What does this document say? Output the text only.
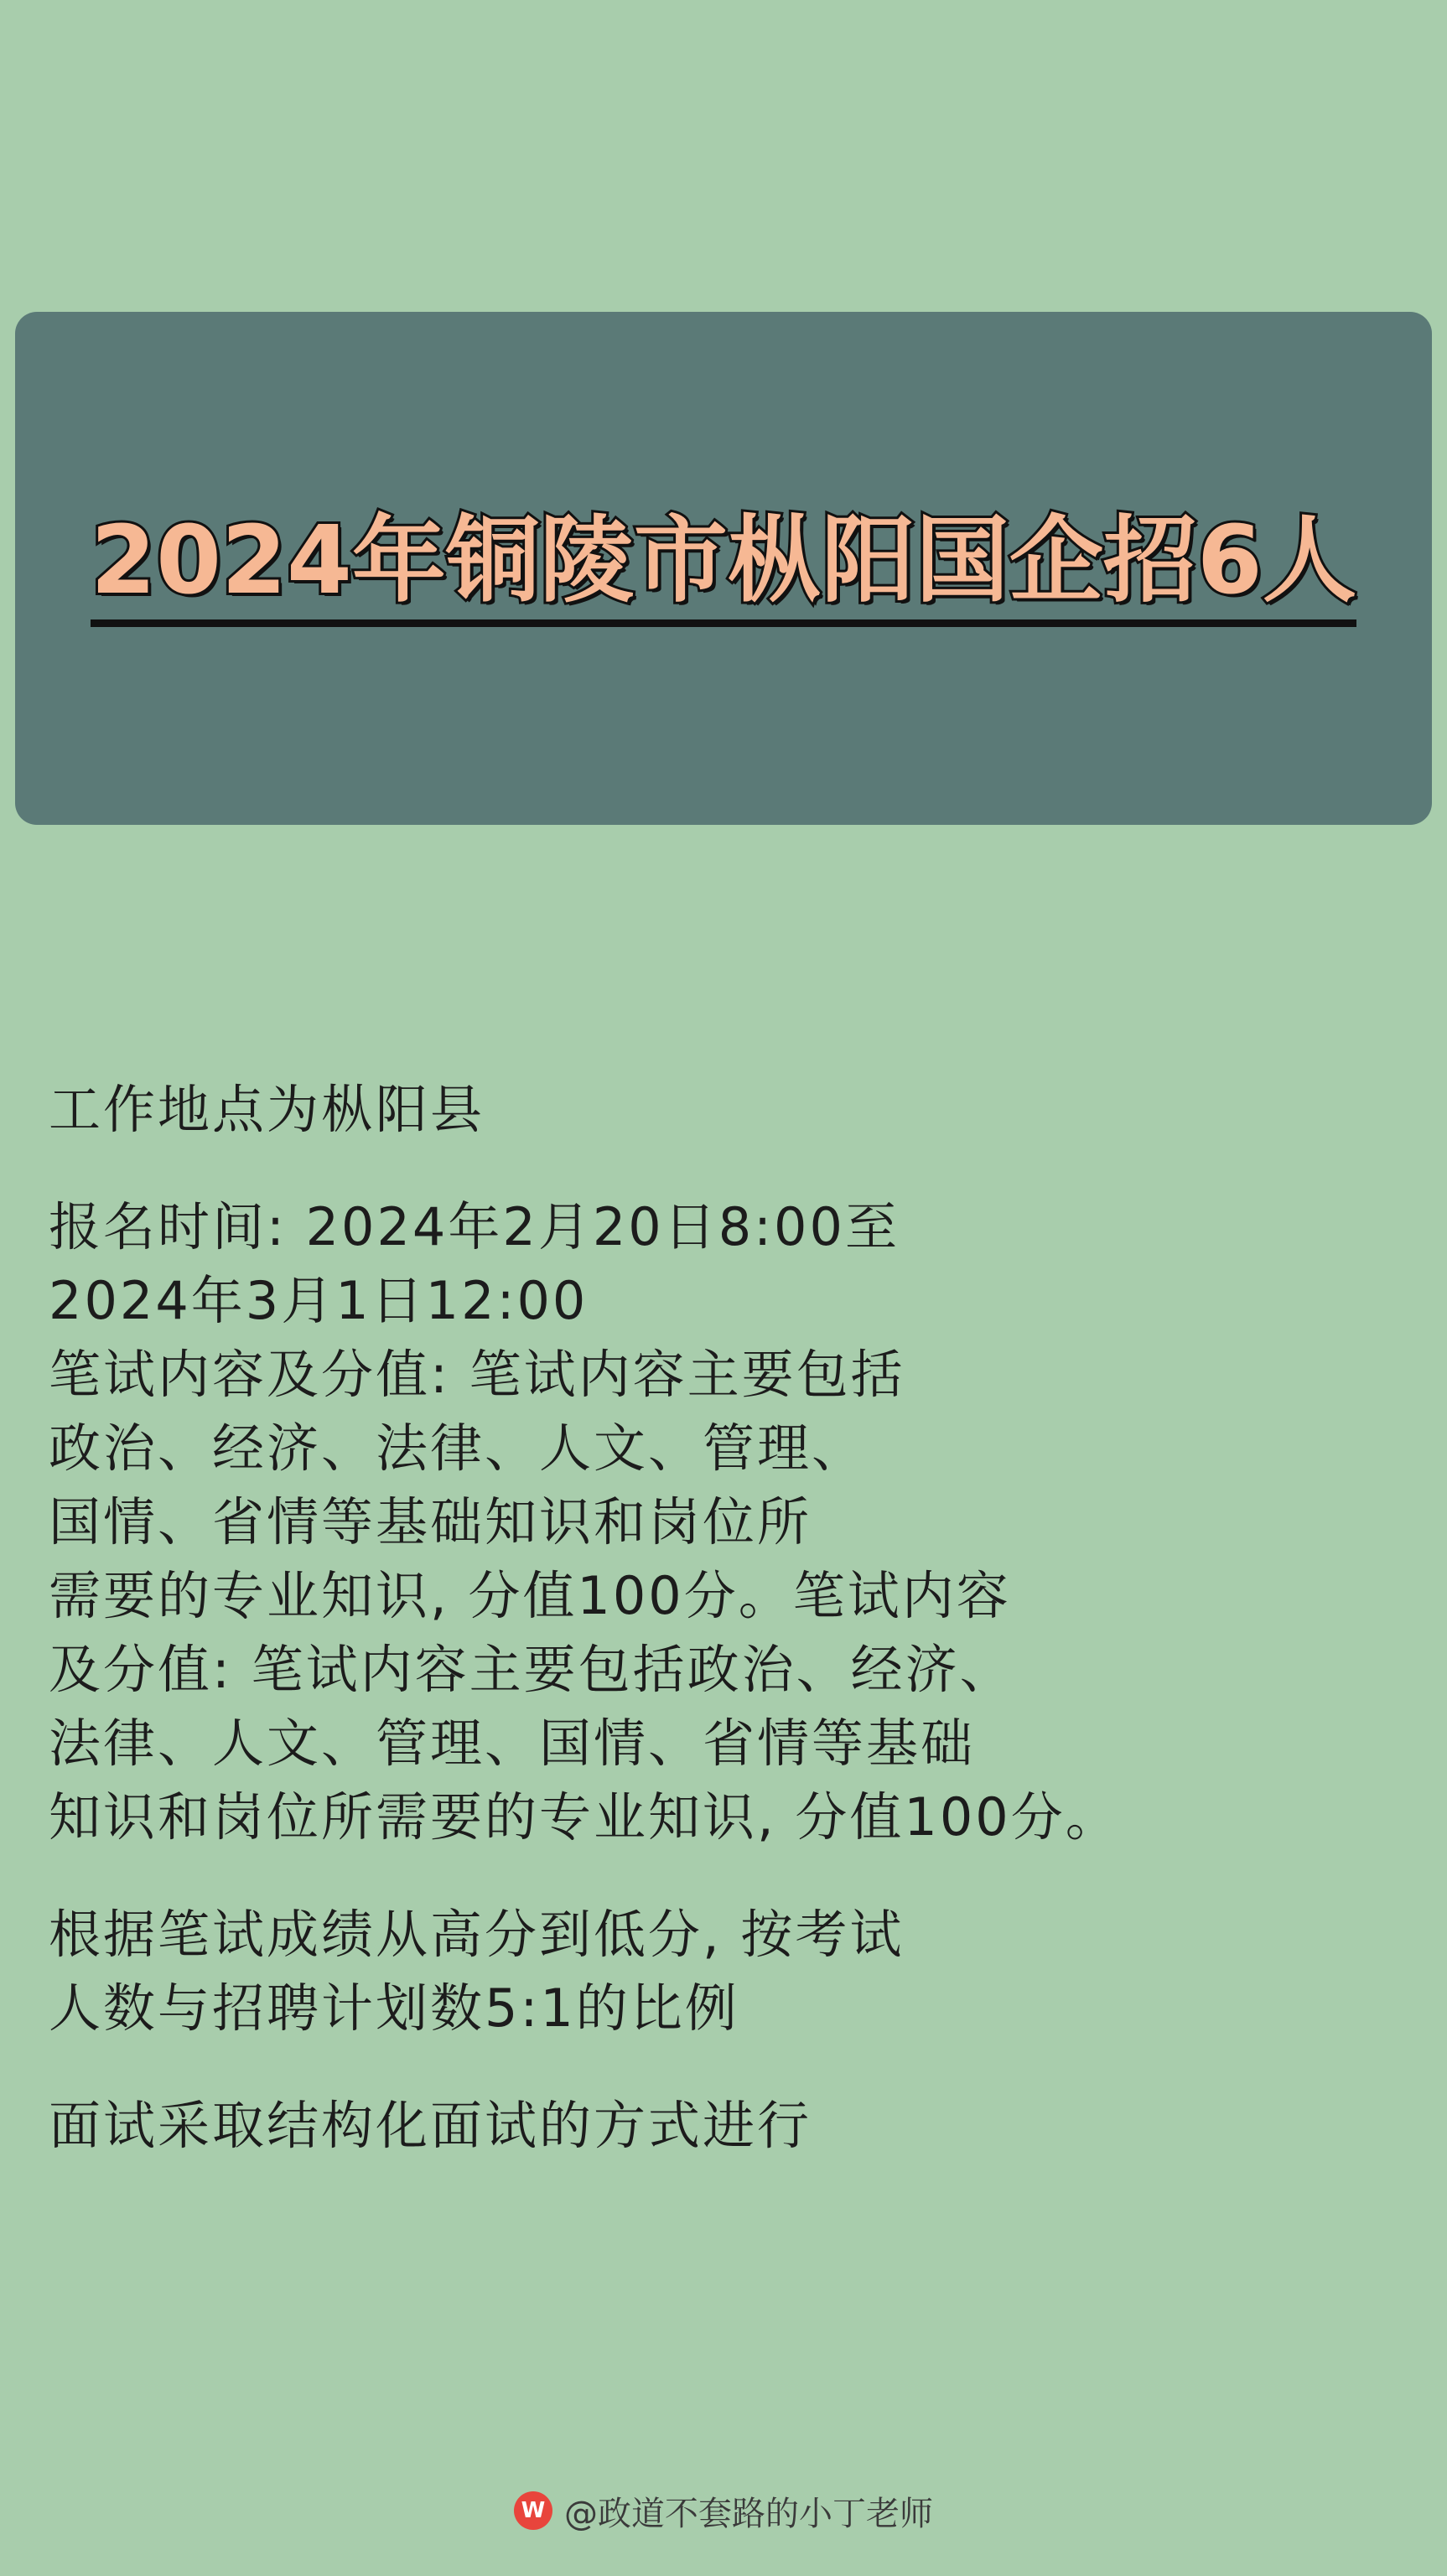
2024年铜陵市枞阳国企招6人
工作地点为枞阳县
报名时间: 2024年2月20日8:00至
2024年3月1日12:00
笔试内容及分值: 笔试内容主要包括
政治、经济、法律、人文、管理、
国情、省情等基础知识和岗位所
需要的专业知识, 分值100分。笔试内容
及分值: 笔试内容主要包括政治、经济、
法律、人文、管理、国情、省情等基础
知识和岗位所需要的专业知识, 分值100分。
根据笔试成绩从高分到低分, 按考试
人数与招聘计划数5:1的比例
面试采取结构化面试的方式进行
W @政道不套路的小丁老师
